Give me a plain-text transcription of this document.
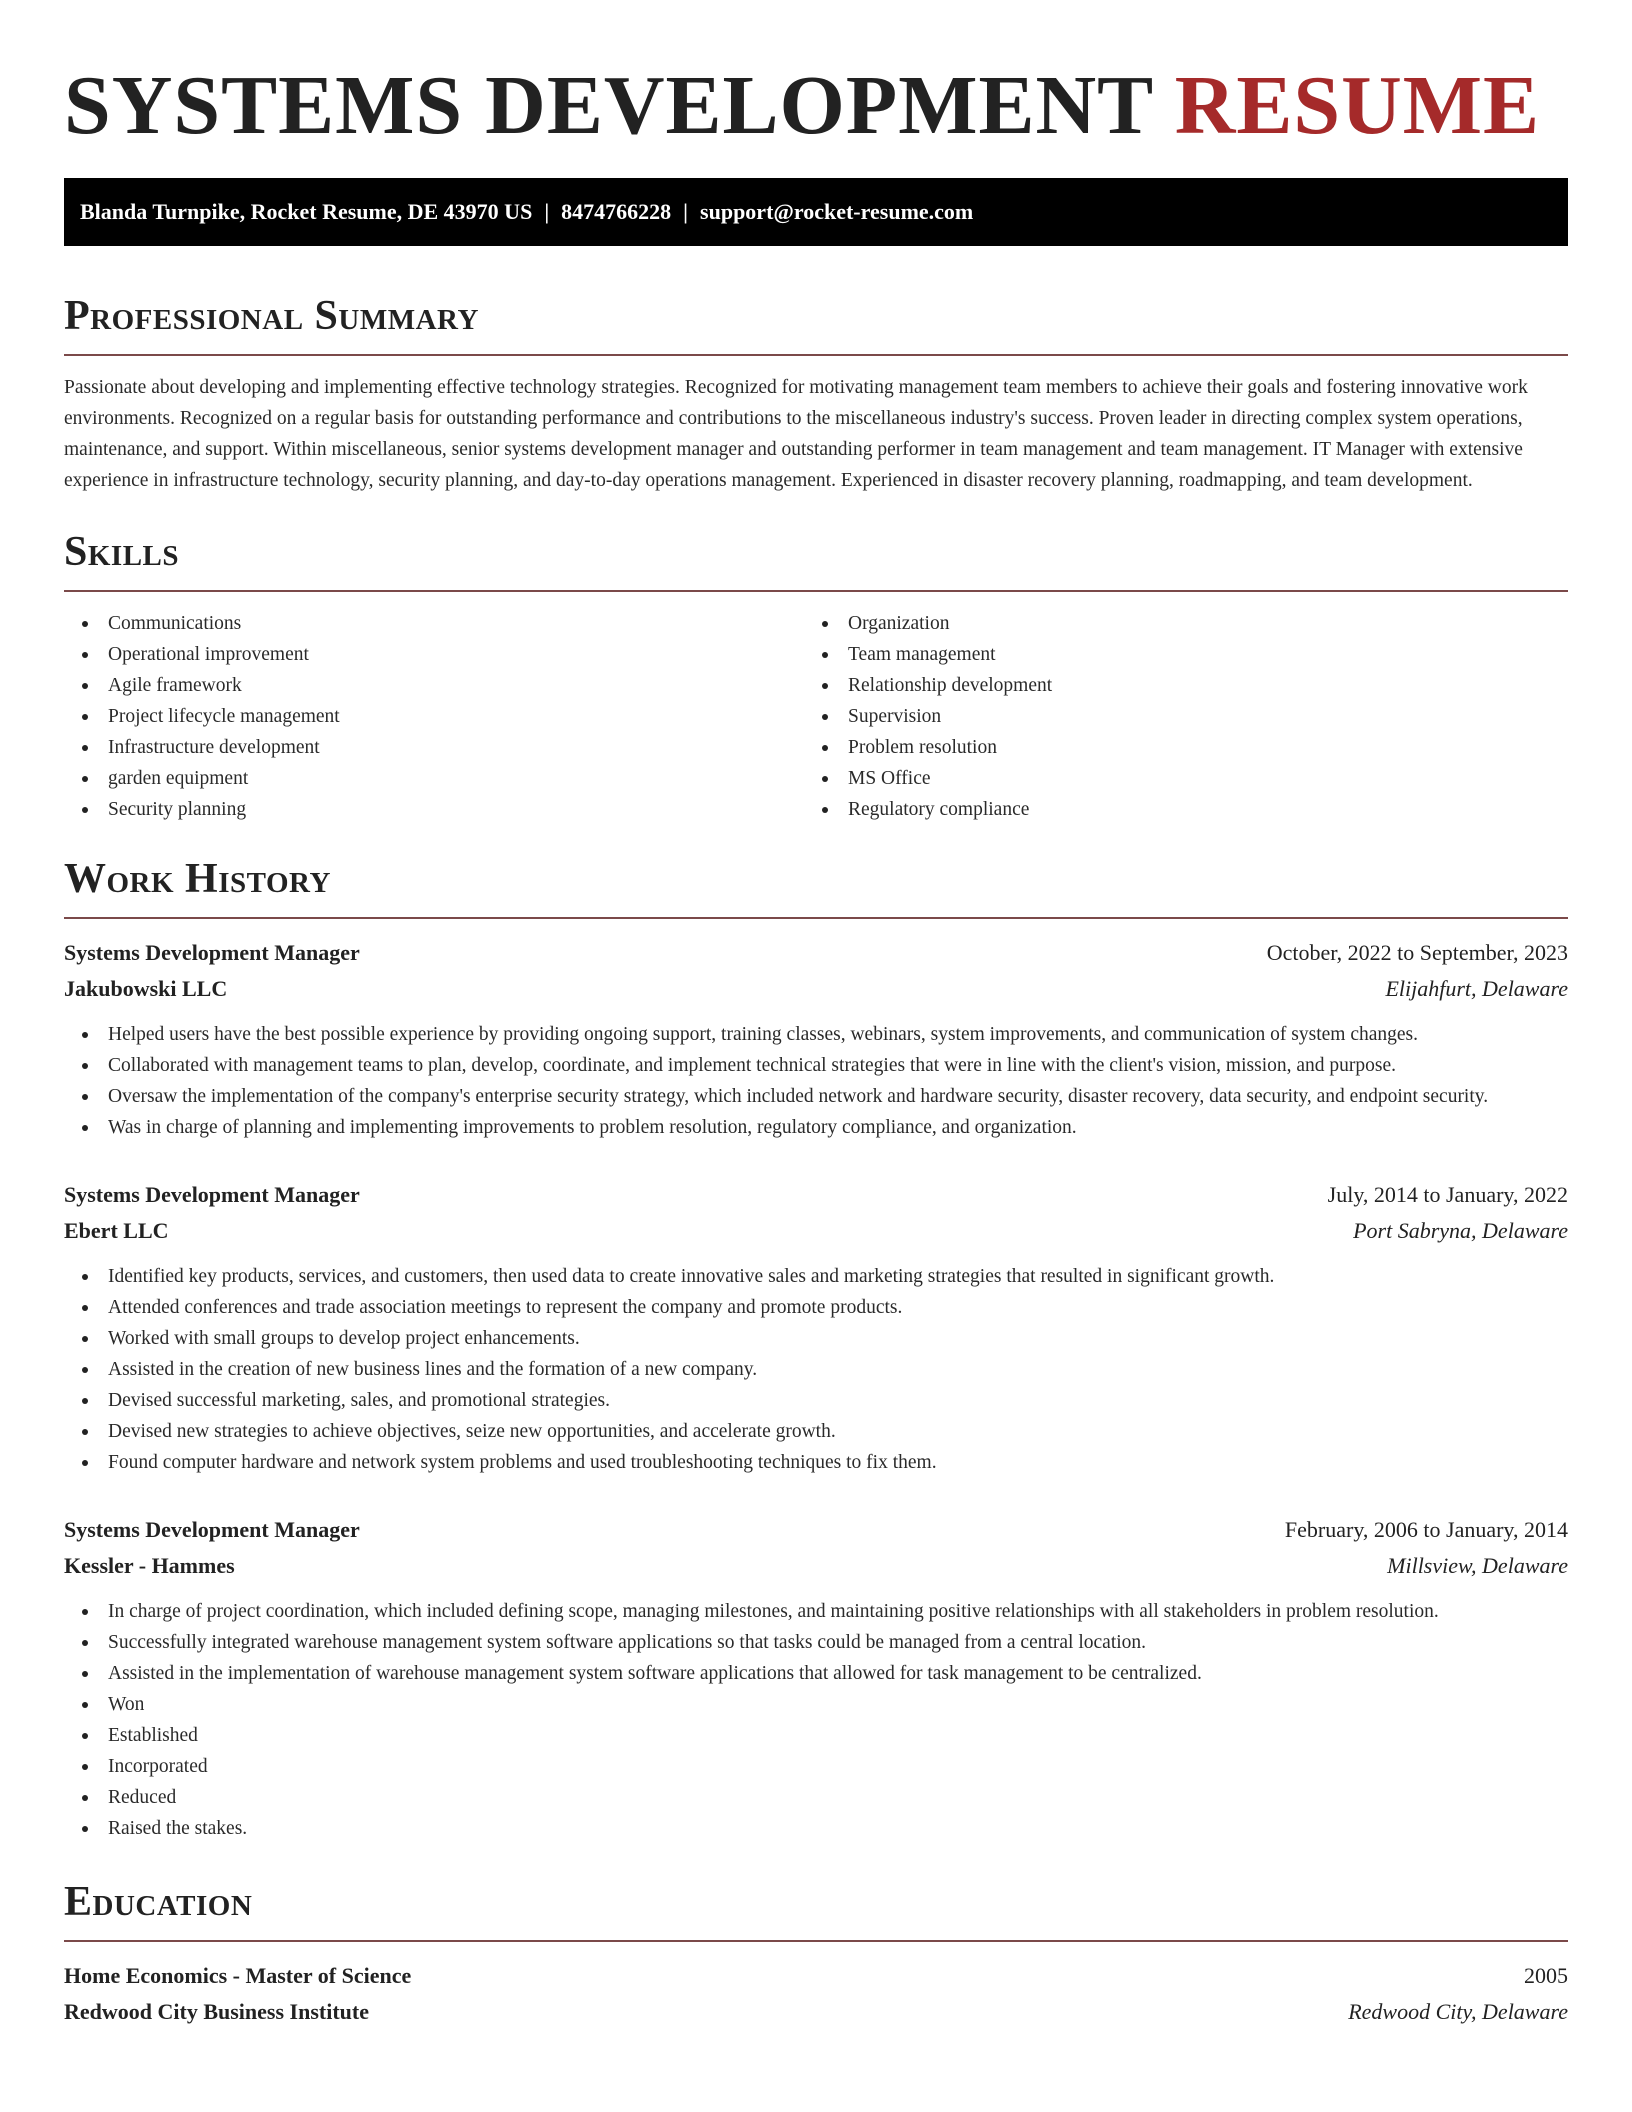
SYSTEMS DEVELOPMENT RESUME
Blanda Turnpike, Rocket Resume, DE 43970 US | 8474766228 | support@rocket-resume.com
Professional Summary

Passionate about developing and implementing effective technology strategies. Recognized for motivating management team members to achieve their goals and fostering innovative work environments. Recognized on a regular basis for outstanding performance and contributions to the miscellaneous industry's success. Proven leader in directing complex system operations, maintenance, and support. Within miscellaneous, senior systems development manager and outstanding performer in team management and team management. IT Manager with extensive experience in infrastructure technology, security planning, and day-to-day operations management. Experienced in disaster recovery planning, roadmapping, and team development.

Skills
Communications
Operational improvement
Agile framework
Project lifecycle management
Infrastructure development
garden equipment
Security planning
Organization
Team management
Relationship development
Supervision
Problem resolution
MS Office
Regulatory compliance
Work History
Systems Development Manager	October, 2022 to September, 2023
Jakubowski LLC	Elijahfurt, Delaware
Helped users have the best possible experience by providing ongoing support, training classes, webinars, system improvements, and communication of system changes.
Collaborated with management teams to plan, develop, coordinate, and implement technical strategies that were in line with the client's vision, mission, and purpose.
Oversaw the implementation of the company's enterprise security strategy, which included network and hardware security, disaster recovery, data security, and endpoint security.
Was in charge of planning and implementing improvements to problem resolution, regulatory compliance, and organization.
Systems Development Manager	July, 2014 to January, 2022
Ebert LLC	Port Sabryna, Delaware
Identified key products, services, and customers, then used data to create innovative sales and marketing strategies that resulted in significant growth.
Attended conferences and trade association meetings to represent the company and promote products.
Worked with small groups to develop project enhancements.
Assisted in the creation of new business lines and the formation of a new company.
Devised successful marketing, sales, and promotional strategies.
Devised new strategies to achieve objectives, seize new opportunities, and accelerate growth.
Found computer hardware and network system problems and used troubleshooting techniques to fix them.
Systems Development Manager	February, 2006 to January, 2014
Kessler - Hammes	Millsview, Delaware
In charge of project coordination, which included defining scope, managing milestones, and maintaining positive relationships with all stakeholders in problem resolution.
Successfully integrated warehouse management system software applications so that tasks could be managed from a central location.
Assisted in the implementation of warehouse management system software applications that allowed for task management to be centralized.
Won
Established
Incorporated
Reduced
Raised the stakes.
Education
Home Economics - Master of Science	2005
Redwood City Business Institute	Redwood City, Delaware
